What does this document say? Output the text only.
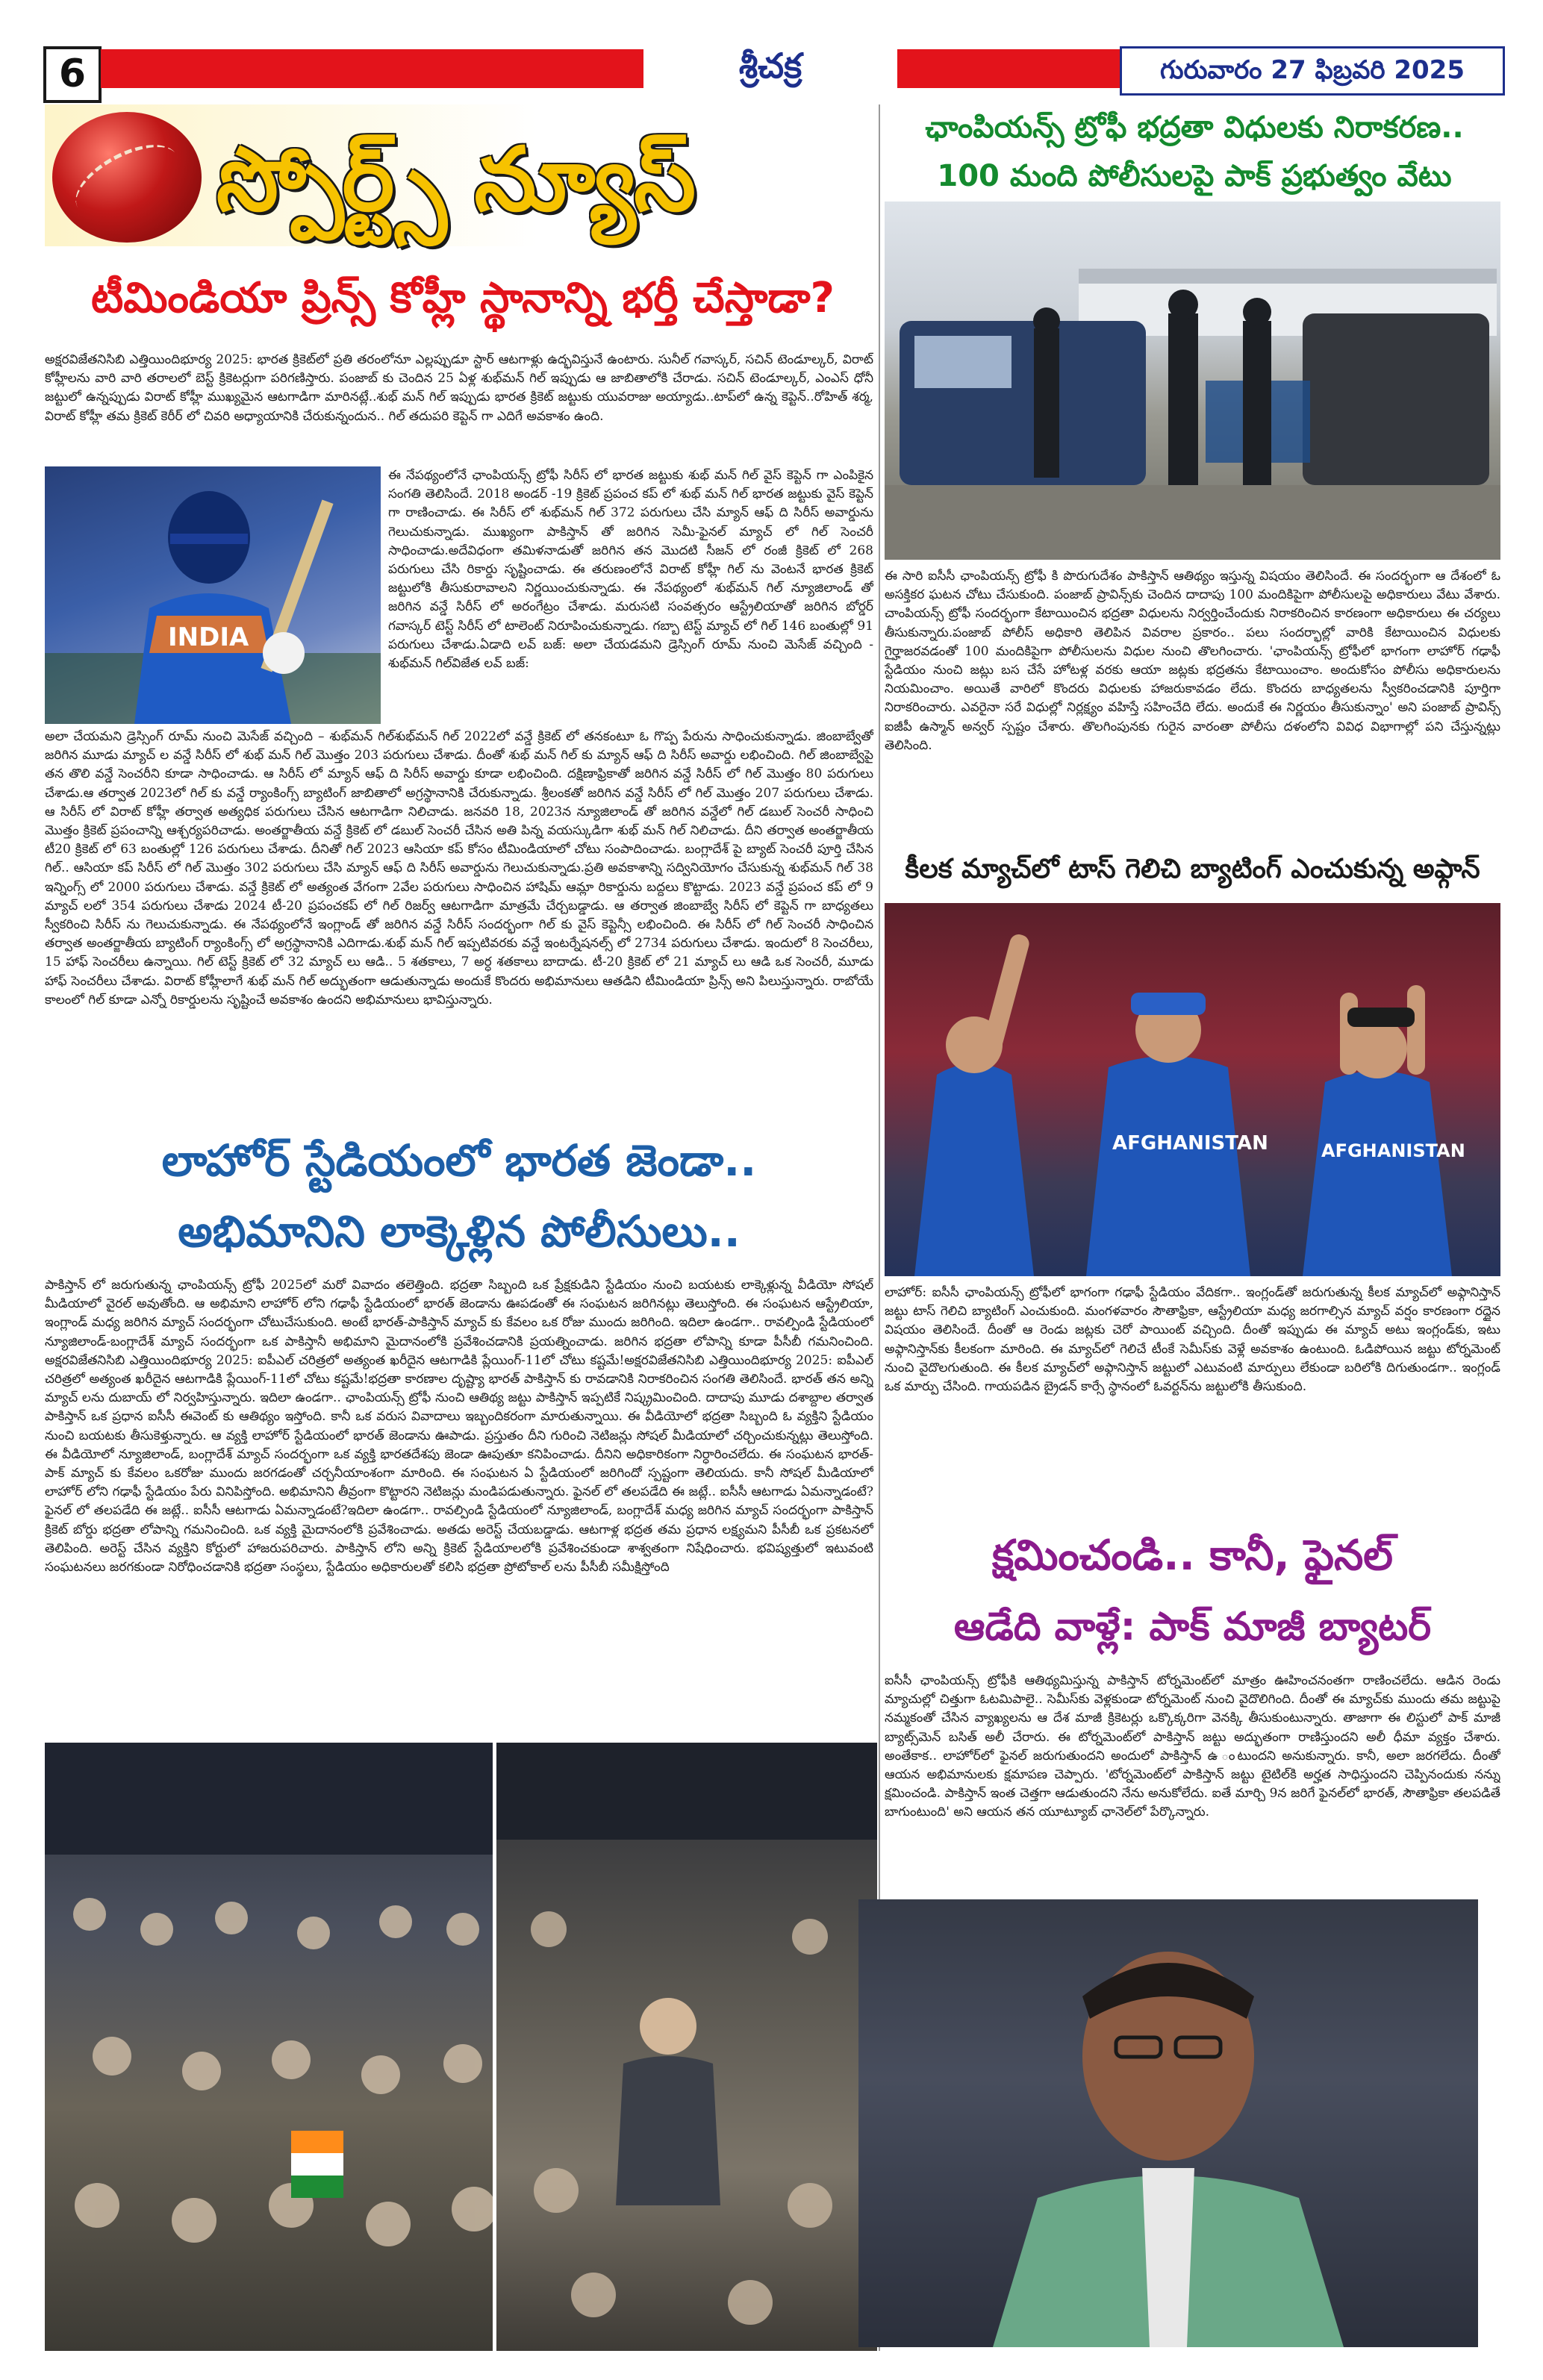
6	శ్రీచక్ర	గురువారం 27 ఫిబ్రవరి 2025
స్పోర్ట్స్ న్యూస్
టీమిండియా ప్రిన్స్ కోహ్లీ స్థానాన్ని భర్తీ చేస్తాడా?
అక్షరవిజేతనిసిబి ఎత్తియిందిభూర్య 2025: భారత క్రికెట్‌లో ప్రతి తరంలోనూ ఎల్లప్పుడూ స్టార్ ఆటగాళ్లు ఉద్భవిస్తునే ఉంటారు. సునీల్ గవాస్కర్, సచిన్ టెండూల్కర్, విరాట్ కోహ్లీలను వారి వారి తరాలలో బెస్ట్ క్రికెటర్లుగా పరిగణిస్తారు. పంజాబ్ కు చెందిన 25 ఏళ్ల శుభ్‌మన్ గిల్ ఇప్పుడు ఆ జాబితాలోకి చేరాడు. సచిన్ టెండూల్కర్, ఎంఎస్ ధోనీ జట్టులో ఉన్నప్పుడు విరాట్ కోహ్లీ ముఖ్యమైన ఆటగాడిగా మారినట్లే..శుభ్ మన్ గిల్ ఇప్పుడు భారత క్రికెట్ జట్టుకు యువరాజు అయ్యాడు..టాప్‌లో ఉన్న కెప్టెన్..రోహిత్ శర్మ, విరాట్ కోహ్లీ తమ క్రికెట్ కెరీర్ లో చివరి అధ్యాయానికి చేరుకున్నందున.. గిల్ తదుపరి కెప్టెన్ గా ఎదిగే అవకాశం ఉంది.
INDIA
ఈ నేపథ్యంలోనే ఛాంపియన్స్ ట్రోఫీ సిరీస్ లో భారత జట్టుకు శుభ్ మన్ గిల్ వైస్ కెప్టెన్ గా ఎంపికైన సంగతి తెలిసిందే. 2018 అండర్ -19 క్రికెట్ ప్రపంచ కప్ లో శుభ్ మన్ గిల్ భారత జట్టుకు వైస్ కెప్టెన్ గా రాణించాడు. ఈ సిరీస్ లో శుభ్‌మన్ గిల్ 372 పరుగులు చేసి మ్యాన్ ఆఫ్ ది సిరీస్ అవార్డును గెలుచుకున్నాడు. ముఖ్యంగా పాకిస్తాన్ తో జరిగిన సెమీ-ఫైనల్ మ్యాచ్ లో గిల్ సెంచరీ సాధించాడు.అదేవిధంగా తమిళనాడుతో జరిగిన తన మొదటి సీజన్ లో రంజీ క్రికెట్ లో 268 పరుగులు చేసి రికార్డు సృష్టించాడు. ఈ తరుణంలోనే విరాట్ కోహ్లీ గిల్ ను వెంటనే భారత క్రికెట్ జట్టులోకి తీసుకురావాలని నిర్ణయించుకున్నాడు. ఈ నేపథ్యంలో శుభ్‌మన్ గిల్ న్యూజిలాండ్ తో జరిగిన వన్డే సిరీస్ లో అరంగేట్రం చేశాడు. మరుసటి సంవత్సరం ఆస్ట్రేలియాతో జరిగిన బోర్డర్ గవాస్కర్ టెస్ట్ సిరీస్ లో టాలెంట్ నిరూపించుకున్నాడు. గబ్బా టెస్ట్ మ్యాచ్ లో గిల్ 146 బంతుల్లో 91 పరుగులు చేశాడు.ఏడాది లవ్ బజ్: అలా చేయడమని డ్రెస్సింగ్ రూమ్ నుంచి మెసేజ్ వచ్చింది - శుభ్‌మన్ గిల్‌విజేత లవ్ బజ్:
అలా చేయమని డ్రెస్సింగ్ రూమ్ నుంచి మెసేజ్ వచ్చింది – శుభ్‌మన్ గిల్‌శుభ్‌మన్ గిల్ 2022లో వన్డే క్రికెట్ లో తనకంటూ ఓ గొప్ప పేరును సాధించుకున్నాడు. జింబాబ్వేతో జరిగిన మూడు మ్యాచ్ ల వన్డే సిరీస్ లో శుభ్ మన్ గిల్ మొత్తం 203 పరుగులు చేశాడు. దీంతో శుభ్ మన్ గిల్ కు మ్యాన్ ఆఫ్ ది సిరీస్ అవార్డు లభించింది. గిల్ జింబాబ్వేపై తన తొలి వన్డే సెంచరీని కూడా సాధించాడు. ఆ సిరీస్ లో మ్యాన్ ఆఫ్ ది సిరీస్ అవార్డు కూడా లభించింది. దక్షిణాఫ్రికాతో జరిగిన వన్డే సిరీస్ లో గిల్ మొత్తం 80 పరుగులు చేశాడు.ఆ తర్వాత 2023లో గిల్ కు వన్డే ర్యాంకింగ్స్ బ్యాటింగ్ జాబితాలో అగ్రస్థానానికి చేరుకున్నాడు. శ్రీలంకతో జరిగిన వన్డే సిరీస్ లో గిల్ మొత్తం 207 పరుగులు చేశాడు. ఆ సిరీస్ లో విరాట్ కోహ్లీ తర్వాత అత్యధిక పరుగులు చేసిన ఆటగాడిగా నిలిచాడు. జనవరి 18, 2023న న్యూజిలాండ్ తో జరిగిన వన్డేలో గిల్ డబుల్ సెంచరీ సాధించి మొత్తం క్రికెట్ ప్రపంచాన్ని ఆశ్చర్యపరిచాడు. అంతర్జాతీయ వన్డే క్రికెట్ లో డబుల్ సెంచరీ చేసిన అతి పిన్న వయస్కుడిగా శుభ్ మన్ గిల్ నిలిచాడు. దీని తర్వాత అంతర్జాతీయ టీ20 క్రికెట్ లో 63 బంతుల్లో 126 పరుగులు చేశాడు. దీనితో గిల్ 2023 ఆసియా కప్ కోసం టీమిండియాలో చోటు సంపాదించాడు. బంగ్లాదేశ్ పై బ్యాట్ సెంచరీ పూర్తి చేసిన గిల్.. ఆసియా కప్ సిరీస్ లో గిల్ మొత్తం 302 పరుగులు చేసి మ్యాన్ ఆఫ్ ది సిరీస్ అవార్డును గెలుచుకున్నాడు.ప్రతి అవకాశాన్ని సద్వినియోగం చేసుకున్న శుభ్‌మన్ గిల్ 38 ఇన్నింగ్స్ లో 2000 పరుగులు చేశాడు. వన్డే క్రికెట్ లో అత్యంత వేగంగా 2వేల పరుగులు సాధించిన హాషిమ్ ఆమ్లా రికార్డును బద్దలు కొట్టాడు. 2023 వన్డే ప్రపంచ కప్ లో 9 మ్యాచ్ లలో 354 పరుగులు చేశాడు 2024 టీ-20 ప్రపంచకప్ లో గిల్ రిజర్వ్ ఆటగాడిగా మాత్రమే చేర్చబడ్డాడు. ఆ తర్వాత జింబాబ్వే సిరీస్ లో కెప్టెన్ గా బాధ్యతలు స్వీకరించి సిరీస్ ను గెలుచుకున్నాడు. ఈ నేపథ్యంలోనే ఇంగ్లాండ్ తో జరిగిన వన్డే సిరీస్ సందర్భంగా గిల్ కు వైస్ కెప్టెన్సీ లభించింది. ఈ సిరీస్ లో గిల్ సెంచరీ సాధించిన తర్వాత అంతర్జాతీయ బ్యాటింగ్ ర్యాంకింగ్స్ లో అగ్రస్థానానికి ఎదిగాడు.శుభ్ మన్ గిల్ ఇప్పటివరకు వన్డే ఇంటర్నేషనల్స్ లో 2734 పరుగులు చేశాడు. ఇందులో 8 సెంచరీలు, 15 హాఫ్ సెంచరీలు ఉన్నాయి. గిల్ టెస్ట్ క్రికెట్ లో 32 మ్యాచ్ లు ఆడి.. 5 శతకాలు, 7 అర్ధ శతకాలు బాదాడు. టీ-20 క్రికెట్ లో 21 మ్యాచ్ లు ఆడి ఒక సెంచరీ, మూడు హాఫ్ సెంచరీలు చేశాడు. విరాట్ కోహ్లీలాగే శుభ్ మన్ గిల్ అద్భుతంగా ఆడుతున్నాడు అందుకే కొందరు అభిమానులు ఆతడిని టీమిండియా ప్రిన్స్ అని పిలుస్తున్నారు. రాబోయే కాలంలో గిల్ కూడా ఎన్నో రికార్డులను సృష్టించే అవకాశం ఉందని అభిమానులు భావిస్తున్నారు.
లాహోర్ స్టేడియంలో భారత జెండా..
అభిమానిని లాక్కెళ్లిన పోలీసులు..
పాకిస్తాన్ లో జరుగుతున్న ఛాంపియన్స్ ట్రోఫీ 2025లో మరో వివాదం తలెత్తింది. భద్రతా సిబ్బంది ఒక ప్రేక్షకుడిని స్టేడియం నుంచి బయటకు లాక్కెళ్లున్న వీడియో సోషల్ మీడియాలో వైరల్ అవుతోంది. ఆ అభిమాని లాహోర్ లోని గఢాఫీ స్టేడియంలో భారత్ జెండాను ఊపడంతో ఈ సంఘటన జరిగినట్లు తెలుస్తోంది. ఈ సంఘటన ఆస్ట్రేలియా, ఇంగ్లాండ్ మధ్య జరిగిన మ్యాచ్ సందర్భంగా చోటుచేసుకుంది. అంటే భారత్-పాకిస్తాన్ మ్యాచ్ కు కేవలం ఒక రోజు ముందు జరిగింది. ఇదిలా ఉండగా.. రావల్పిండి స్టేడియంలో న్యూజిలాండ్-బంగ్లాదేశ్ మ్యాచ్ సందర్భంగా ఒక పాకిస్తానీ అభిమాని మైదానంలోకి ప్రవేశించడానికి ప్రయత్నించాడు. జరిగిన భద్రతా లోపాన్ని కూడా పీసీబీ గమనించింది. అక్షరవిజేతనిసిబి ఎత్తియిందిభూర్య 2025: ఐపీఎల్ చరిత్రలో అత్యంత ఖరీదైన ఆటగాడికి ప్లేయింగ్-11లో చోటు కష్టమే!అక్షరవిజేతనిసిబి ఎత్తియిందిభూర్య 2025: ఐపీఎల్ చరిత్రలో అత్యంత ఖరీదైన ఆటగాడికి ప్లేయింగ్-11లో చోటు కష్టమే!భద్రతా కారణాల దృష్ట్యా భారత్ పాకిస్తాన్ కు రావడానికి నిరాకరించిన సంగతి తెలిసిందే. భారత్ తన అన్ని మ్యాచ్ లను దుబాయ్ లో నిర్వహిస్తున్నారు. ఇదిలా ఉండగా.. ఛాంపియన్స్ ట్రోఫీ నుంచి ఆతిథ్య జట్టు పాకిస్తాన్ ఇప్పటికే నిష్క్రమించింది. దాదాపు మూడు దశాబ్దాల తర్వాత పాకిస్తాన్ ఒక ప్రధాన ఐసీసీ ఈవెంట్ కు ఆతిథ్యం ఇస్తోంది. కానీ ఒక వరుస వివాదాలు ఇబ్బందికరంగా మారుతున్నాయి. ఈ వీడియోలో భద్రతా సిబ్బంది ఓ వ్యక్తిని స్టేడియం నుంచి బయటకు తీసుకెళ్తున్నారు. ఆ వ్యక్తి లాహోర్ స్టేడియంలో భారత్ జెండాను ఊపాడు. ప్రస్తుతం దీని గురించి నెటిజన్లు సోషల్ మీడియాలో చర్చించుకున్నట్లు తెలుస్తోంది. ఈ వీడియోలో న్యూజిలాండ్, బంగ్లాదేశ్ మ్యాచ్ సందర్భంగా ఒక వ్యక్తి భారతదేశపు జెండా ఊపుతూ కనిపించాడు. దీనిని అధికారికంగా నిర్ధారించలేదు. ఈ సంఘటన భారత్-పాక్ మ్యాచ్ కు కేవలం ఒకరోజు ముందు జరగడంతో చర్చనీయాంశంగా మారింది. ఈ సంఘటన ఏ స్టేడియంలో జరిగిందో స్పష్టంగా తెలియదు. కానీ సోషల్ మీడియాలో లాహోర్ లోని గఢాఫీ స్టేడియం పేరు వినిపిస్తోంది. అభిమానిని తీవ్రంగా కొట్టారని నెటిజన్లు మండిపడుతున్నారు. ఫైనల్ లో తలపడేది ఈ జట్లే.. ఐసీసీ ఆటగాడు ఏమన్నాడంటే? ఫైనల్ లో తలపడేది ఈ జట్లే.. ఐసీసీ ఆటగాడు ఏమన్నాడంటే?ఇదిలా ఉండగా.. రావల్పిండి స్టేడియంలో న్యూజిలాండ్, బంగ్లాదేశ్ మధ్య జరిగిన మ్యాచ్ సందర్భంగా పాకిస్తాన్ క్రికెట్ బోర్డు భద్రతా లోపాన్ని గమనించింది. ఒక వ్యక్తి మైదానంలోకి ప్రవేశించాడు. అతడు అరెస్ట్ చేయబడ్డాడు. ఆటగాళ్ల భద్రత తమ ప్రధాన లక్ష్యమని పీసీబీ ఒక ప్రకటనలో తెలిపింది. అరెస్ట్ చేసిన వ్యక్తిని కోర్టులో హాజరుపరిచారు. పాకిస్తాన్ లోని అన్ని క్రికెట్ స్టేడియాలలోకి ప్రవేశించకుండా శాశ్వతంగా నిషేధించారు. భవిష్యత్తులో ఇటువంటి సంఘటనలు జరగకుండా నిరోధించడానికి భద్రతా సంస్థలు, స్టేడియం అధికారులతో కలిసి భద్రతా ప్రోటోకాల్ లను పీసీబీ సమీక్షిస్తోంది
ఛాంపియన్స్ ట్రోఫీ భద్రతా విధులకు నిరాకరణ..
100 మంది పోలీసులపై పాక్ ప్రభుత్వం వేటు
ఈ సారి ఐసీసీ ఛాంపియన్స్ ట్రోఫీ కి పొరుగుదేశం పాకిస్తాన్ ఆతిథ్యం ఇస్తున్న విషయం తెలిసిందే. ఈ సందర్భంగా ఆ దేశంలో ఓ అసక్తికర ఘటన చోటు చేసుకుంది. పంజాబ్ ప్రావిన్స్‌కు చెందిన దాదాపు 100 మందికిపైగా పోలీసులపై అధికారులు వేటు వేశారు. చాంపియన్స్ ట్రోఫీ సందర్భంగా కేటాయించిన భద్రతా విధులను నిర్వర్తించేందుకు నిరాకరించిన కారణంగా అధికారులు ఈ చర్యలు తీసుకున్నారు.పంజాబ్ పోలీస్ అధికారి తెలిపిన వివరాల ప్రకారం.. పలు సందర్భాల్లో వారికి కేటాయించిన విధులకు గైర్హాజరవడంతో 100 మందికిపైగా పోలీసులను విధుల నుంచి తొలగించారు. 'ఛాంపియన్స్ ట్రోఫీలో భాగంగా లాహోర్ గఢాఫీ స్టేడియం నుంచి జట్లు బస చేసే హోటళ్ల వరకు ఆయా జట్లకు భద్రతను కేటాయించాం. అందుకోసం పోలీసు అధికారులను నియమించాం. అయితే వారిలో కొందరు విధులకు హాజరుకావడం లేదు. కొందరు బాధ్యతలను స్వీకరించడానికి పూర్తిగా నిరాకరించారు. ఎవరైనా సరే విధుల్లో నిర్లక్ష్యం వహిస్తే సహించేది లేదు. అందుకే ఈ నిర్ణయం తీసుకున్నాం' అని పంజాబ్ ప్రావిన్స్ ఐజీపీ ఉస్మాన్ అన్వర్ స్పష్టం చేశారు. తొలగింపునకు గురైన వారంతా పోలీసు దళంలోని వివిధ విభాగాల్లో పని చేస్తున్నట్లు తెలిసింది.
కీలక మ్యాచ్‌లో టాస్ గెలిచి బ్యాటింగ్ ఎంచుకున్న అఫ్గాన్
AFGHANISTAN	AFGHANISTAN
లాహోర్: ఐసీసీ ఛాంపియన్స్ ట్రోఫీలో భాగంగా గఢాఫీ స్టేడియం వేదికగా.. ఇంగ్లండ్‌తో జరుగుతున్న కీలక మ్యాచ్‌లో అఫ్గానిస్తాన్ జట్టు టాస్ గెలిచి బ్యాటింగ్ ఎంచుకుంది. మంగళవారం సౌతాఫ్రికా, ఆస్ట్రేలియా మధ్య జరగాల్సిన మ్యాచ్ వర్షం కారణంగా రద్దైన విషయం తెలిసిందే. దీంతో ఆ రెండు జట్లకు చెరో పాయింట్ వచ్చింది. దీంతో ఇప్పుడు ఈ మ్యాచ్ అటు ఇంగ్లండ్‌కు, ఇటు అఫ్గానిస్తాన్‌కు కీలకంగా మారింది. ఈ మ్యాచ్‌లో గెలిచే టీంకే సెమీస్‌కు వెళ్లే అవకాశం ఉంటుంది. ఓడిపోయిన జట్టు టోర్నమెంట్ నుంచి వైదొలగుతుంది. ఈ కీలక మ్యాచ్‌లో అఫ్గానిస్తాన్ జట్టులో ఎటువంటి మార్పులు లేకుండా బరిలోకి దిగుతుండగా.. ఇంగ్లండ్ ఒక మార్పు చేసింది. గాయపడిన బ్రైడన్ కార్సే స్థానంలో ఓవర్టన్‌ను జట్టులోకి తీసుకుంది.
క్షమించండి.. కానీ, ఫైనల్
ఆడేది వాళ్లే: పాక్ మాజీ బ్యాటర్
ఐసీసీ ఛాంపియన్స్ ట్రోఫీకి ఆతిథ్యమిస్తున్న పాకిస్తాన్ టోర్నమెంట్‌లో మాత్రం ఊహించనంతగా రాణించలేదు. ఆడిన రెండు మ్యాచుల్లో చిత్తుగా ఓటమిపాలై.. సెమీస్‌కు వెళ్లకుండా టోర్నమెంట్ నుంచి వైదొలిగింది. దీంతో ఈ మ్యాచ్‌కు ముందు తమ జట్టుపై నమ్మకంతో చేసిన వ్యాఖ్యలను ఆ దేశ మాజీ క్రికెటర్లు ఒక్కొక్కరిగా వెనక్కి తీసుకుంటున్నారు. తాజాగా ఈ లిస్టులో పాక్ మాజీ బ్యాట్స్‌మెన్ బసిత్ అలీ చేరారు. ఈ టోర్నమెంట్‌లో పాకిస్తాన్ జట్టు అద్భుతంగా రాణిస్తుందని అలీ ధీమా వ్యక్తం చేశారు. అంతేకాక.. లాహోర్‌లో ఫైనల్ జరుగుతుందని అందులో పాకిస్తాన్ ఉ ంటుందని అనుకున్నారు. కానీ, అలా జరగలేదు. దీంతో ఆయన అభిమానులకు క్షమాపణ చెప్పారు. 'టోర్నమెంట్‌లో పాకిస్తాన్ జట్టు టైటిల్‌కి అర్హత సాధిస్తుందని చెప్పినందుకు నన్ను క్షమించండి. పాకిస్తాన్ ఇంత చెత్తగా ఆడుతుందని నేను అనుకోలేదు. ఐతే మార్చి 9న జరిగే ఫైనల్‌లో భారత్, సౌతాఫ్రికా తలపడితే బాగుంటుంది' అని ఆయన తన యూట్యూబ్ ఛానెల్‌లో పేర్కొన్నారు.
